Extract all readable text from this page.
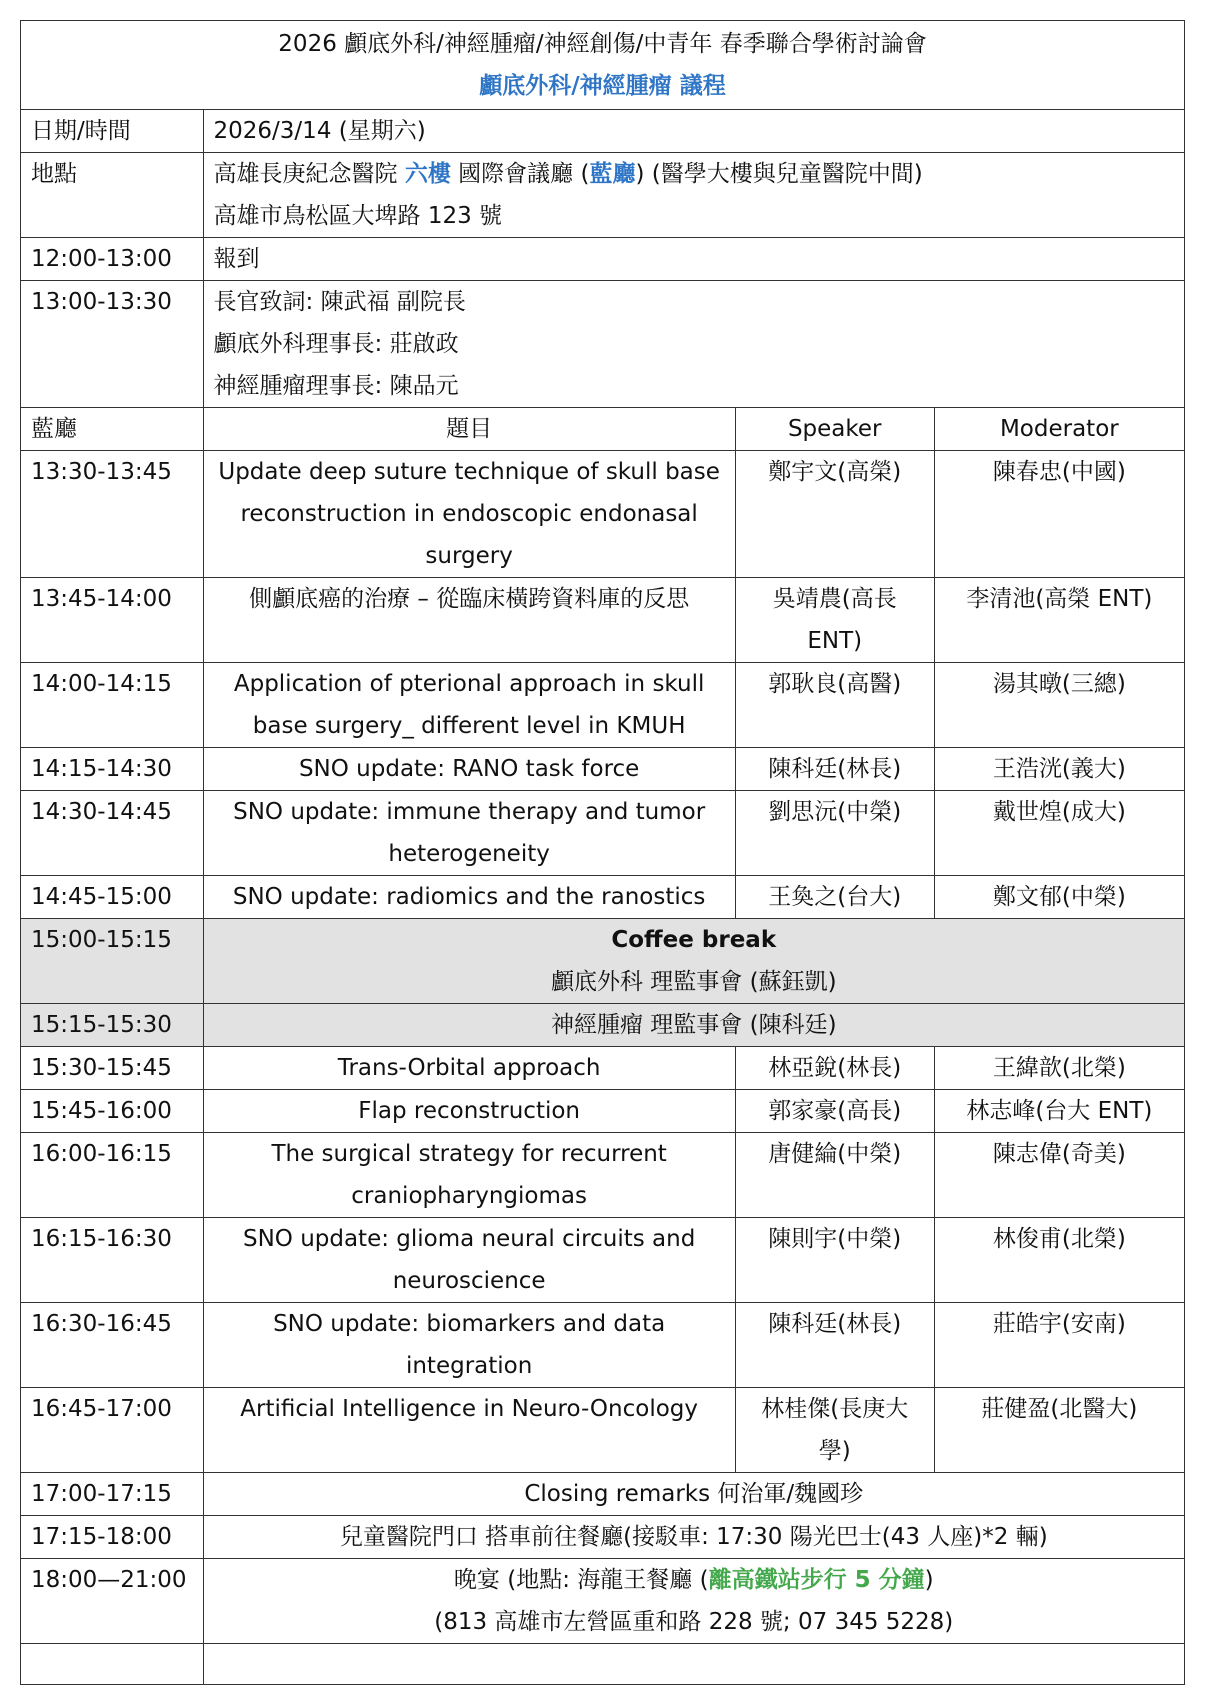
2026 顱底外科/神經腫瘤/神經創傷/中青年 春季聯合學術討論會
顱底外科/神經腫瘤 議程			

日期/時間	2026/3/14 (星期六)		
地點	高雄長庚紀念醫院 六樓 國際會議廳 (藍廳) (醫學大樓與兒童醫院中間)
高雄市鳥松區大埤路 123 號		

12:00-13:00	報到		
13:00-13:30	長官致詞: 陳武福 副院長
顱底外科理事長: 莊啟政
神經腫瘤理事長: 陳品元		

藍廳	題目	Speaker	Moderator
13:30-13:45	Update deep suture technique of skull base reconstruction in endoscopic endonasal surgery	鄭宇文(高榮)	陳春忠(中國)
13:45-14:00	側顱底癌的治療 – 從臨床橫跨資料庫的反思	吳靖農(高長 ENT)	李清池(高榮 ENT)
14:00-14:15	Application of pterional approach in skull base surgery_ different level in KMUH	郭耿良(高醫)	湯其暾(三總)
14:15-14:30	SNO update: RANO task force	陳科廷(林長)	王浩洸(義大)
14:30-14:45	SNO update: immune therapy and tumor heterogeneity	劉思沅(中榮)	戴世煌(成大)
14:45-15:00	SNO update: radiomics and the ranostics	王奐之(台大)	鄭文郁(中榮)
15:00-15:15	Coffee break
顱底外科 理監事會 (蘇鈺凱)		

15:15-15:30	神經腫瘤 理監事會 (陳科廷)		
15:30-15:45	Trans-Orbital approach	林亞銳(林長)	王緯歆(北榮)
15:45-16:00	Flap reconstruction	郭家豪(高長)	林志峰(台大 ENT)
16:00-16:15	The surgical strategy for recurrent craniopharyngiomas	唐健綸(中榮)	陳志偉(奇美)
16:15-16:30	SNO update: glioma neural circuits and neuroscience	陳則宇(中榮)	林俊甫(北榮)
16:30-16:45	SNO update: biomarkers and data integration	陳科廷(林長)	莊皓宇(安南)
16:45-17:00	Artificial Intelligence in Neuro-Oncology	林桂傑(長庚大學)	莊健盈(北醫大)
17:00-17:15	Closing remarks 何治軍/魏國珍		
17:15-18:00	兒童醫院門口 搭車前往餐廳(接駁車: 17:30 陽光巴士(43 人座)*2 輛)		
18:00—21:00	晚宴 (地點: 海龍王餐廳 (離高鐵站步行 5 分鐘)
(813 高雄市左營區重和路 228 號; 07 345 5228)		
